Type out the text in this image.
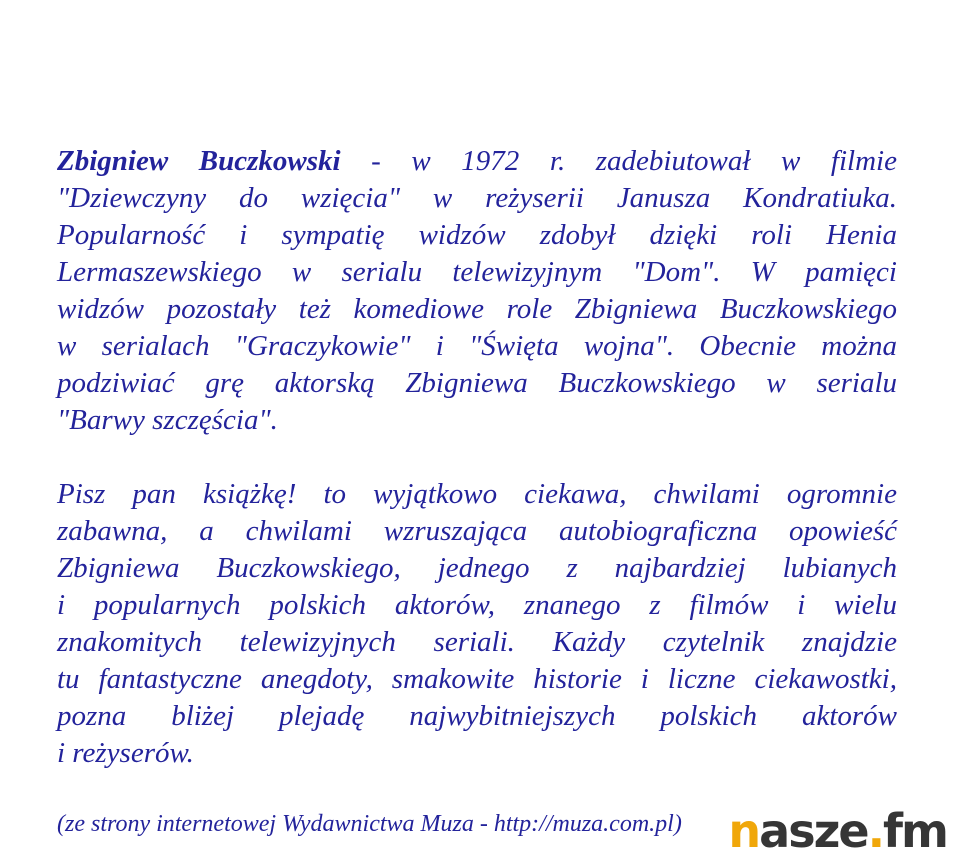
Zbigniew Buczkowski - w 1972 r. zadebiutował w filmie
"Dziewczyny do wzięcia" w reżyserii Janusza Kondratiuka.
Popularność i sympatię widzów zdobył dzięki roli Henia
Lermaszewskiego w serialu telewizyjnym "Dom". W pamięci
widzów pozostały też komediowe role Zbigniewa Buczkowskiego
w serialach "Graczykowie" i "Święta wojna". Obecnie można
podziwiać grę aktorską Zbigniewa Buczkowskiego w serialu
"Barwy szczęścia".
Pisz pan książkę! to wyjątkowo ciekawa, chwilami ogromnie
zabawna, a chwilami wzruszająca autobiograficzna opowieść
Zbigniewa Buczkowskiego, jednego z najbardziej lubianych
i popularnych polskich aktorów, znanego z filmów i wielu
znakomitych telewizyjnych seriali. Każdy czytelnik znajdzie
tu fantastyczne anegdoty, smakowite historie i liczne ciekawostki,
pozna bliżej plejadę najwybitniejszych polskich aktorów
i reżyserów.
(ze strony internetowej Wydawnictwa Muza - http://muza.com.pl)	nasze.fm
